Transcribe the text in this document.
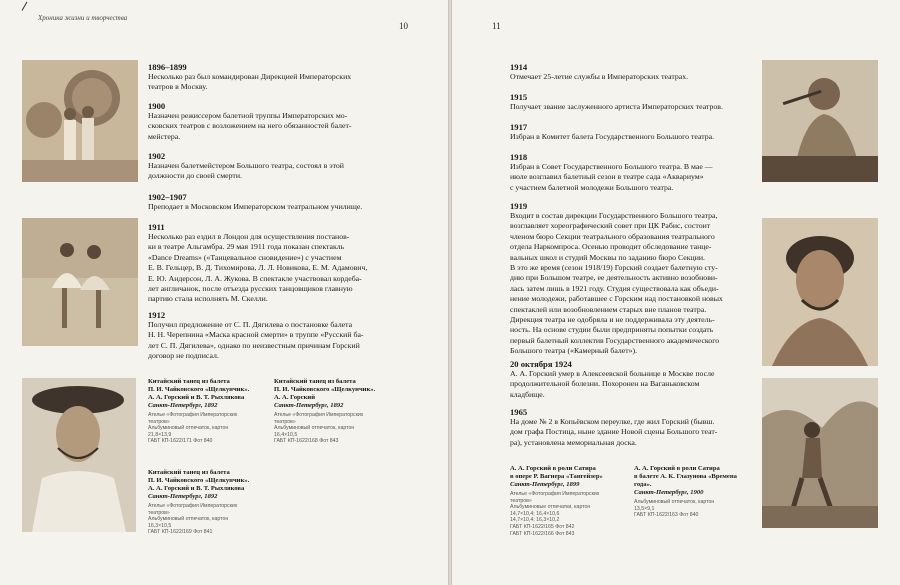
Хроника жизни и творчества
10
1896–1899
Несколько раз был командирован Дирекцией Императорских
театров в Москву.
1900
Назначен режиссером балетной труппы Императорских мо-
сковских театров с возложением на него обязанностей балет-
мейстера.
1902
Назначен балетмейстером Большого театра, состоял в этой
должности до своей смерти.
1902–1907
Преподает в Московском Императорском театральном училище.
1911
Несколько раз ездил в Лондон для осуществления постанов-
ки в театре Альгамбра. 29 мая 1911 года показан спектакль
«Dance Dreams» («Танцевальное сновидение») с участием
Е. В. Гельцер, В. Д. Тихомирова, Л. Л. Новикова, Е. М. Адамович,
Е. Ю. Андерсон, Л. А. Жукова. В спектакле участвовал кордеба-
лет англичанок, после отъезда русских танцовщиков главную
партию стала исполнять М. Скелли.
1912
Получил предложение от С. П. Дягилева о постановке балета
Н. Н. Черепнина «Маска красной смерти» в труппе «Русский ба-
лет С. П. Дягилева», однако по неизвестным причинам Горский
договор не подписал.
Китайский танец из балета
П. И. Чайковского «Щелкунчик».
А. А. Горский и В. Т. Рыхлякова
Санкт-Петербург, 1892
Ателье «Фотография Императорских
театров»
Альбуминовый отпечаток, картон
21,8×13,9
ГАБТ КП-1622/171 Фот 840
Китайский танец из балета
П. И. Чайковского «Щелкунчик».
А. А. Горский
Санкт-Петербург, 1892
Ателье «Фотография Императорских
театров»
Альбуминовый отпечаток, картон
16,4×10,5
ГАБТ КП-1622/168 Фот 843
Китайский танец из балета
П. И. Чайковского «Щелкунчик».
А. А. Горский и В. Т. Рыхлякова
Санкт-Петербург, 1892
Ателье «Фотография Императорских
театров»
Альбуминовый отпечаток, картон
16,3×10,5
ГАБТ КП-1622/169 Фот 841
11
1914
Отмечает 25-летие службы в Императорских театрах.
1915
Получает звание заслуженного артиста Императорских театров.
1917
Избран в Комитет балета Государственного Большого театра.
1918
Избран в Совет Государственного Большого театра. В мае —
июле возглавил балетный сезон в театре сада «Аквариум»
с участием балетной молодежи Большого театра.
1919
Входит в состав дирекции Государственного Большого театра,
возглавляет хореографический совет при ЦК Рабис, состоит
членом бюро Секции театрального образования театрального
отдела Наркомпроса. Осенью проводит обследование танце-
вальных школ и студий Москвы по заданию бюро Секции.
В это же время (сезон 1918/19) Горский создает балетную сту-
дию при Большом театре, ее деятельность активно возобнови-
лась затем лишь в 1921 году. Студия существовала как объеди-
нение молодежи, работавшее с Горским над постановкой новых
спектаклей или возобновлением старых вне планов театра.
Дирекция театра не одобряла и не поддерживала эту деятель-
ность. На основе студии были предприняты попытки создать
первый балетный коллектив Государственного академического
Большого театра («Камерный балет»).
20 октября 1924
А. А. Горский умер в Алексеевской больнице в Москве после
продолжительной болезни. Похоронен на Ваганьковском
кладбище.
1965
На доме № 2 в Копьёвском переулке, где жил Горский (бывш.
дом графа Постица, ныне здание Новой сцены Большого теат-
ра), установлена мемориальная доска.
А. А. Горский в роли Сатира
в опере Р. Вагнера «Тангейзер»
Санкт-Петербург, 1899
Ателье «Фотография Императорских
театров»
Альбуминовые отпечатки, картон
14,7×10,4; 16,4×10,6
14,7×10,4; 16,3×10,2
ГАБТ КП-1622/165 Фот 842
ГАБТ КП-1622/166 Фот 843
А. А. Горский в роли Сатира
в балете А. К. Глазунова «Времена
года».
Санкт-Петербург, 1900
Альбуминовый отпечаток, картон
13,5×9,1
ГАБТ КП-1622/163 Фот 840
